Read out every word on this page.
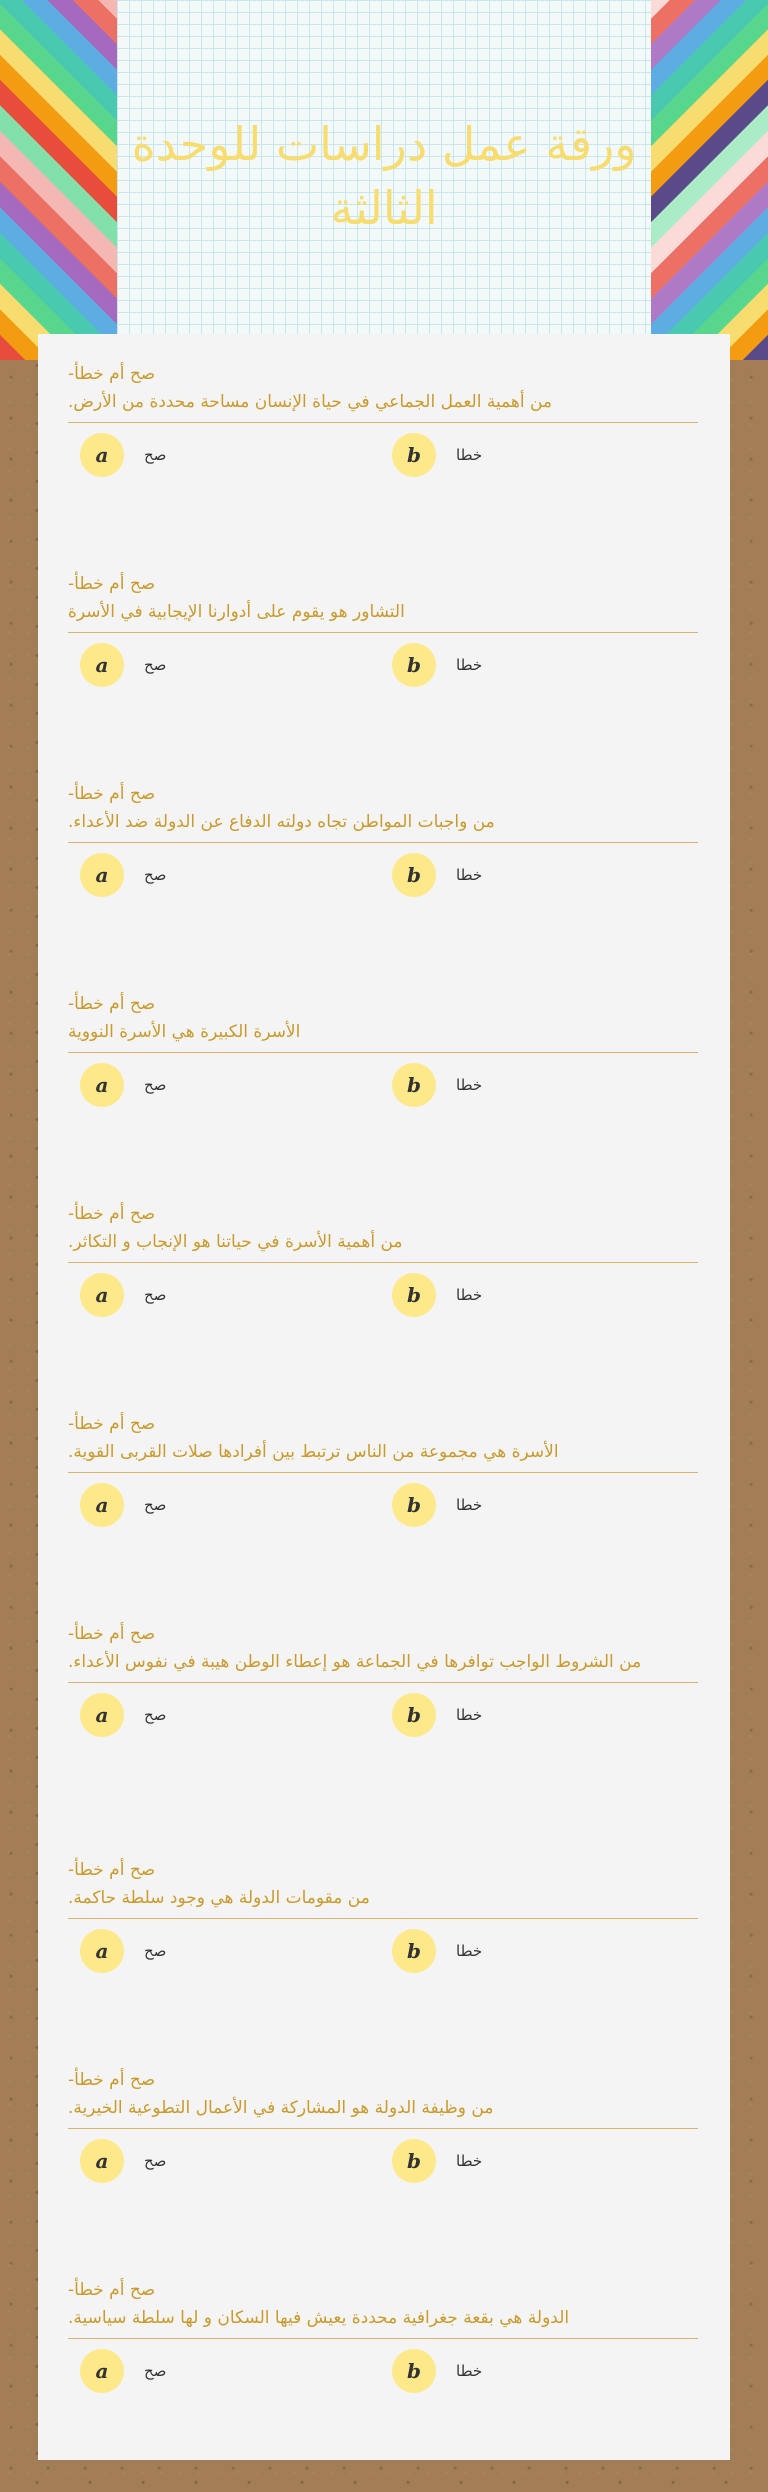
ورقة عمل دراسات للوحدة الثالثة
صح أم خطأ-
من أهمية العمل الجماعي في حياة الإنسان مساحة محددة من الأرض.
a	صح	b	خطا
صح أم خطأ-
التشاور هو يقوم على أدوارنا الإيجابية في الأسرة
a	صح	b	خطا
صح أم خطأ-
من واجبات المواطن تجاه دولته الدفاع عن الدولة ضد الأعداء.
a	صح	b	خطا
صح أم خطأ-
الأسرة الكبيرة هي الأسرة النووية
a	صح	b	خطا
صح أم خطأ-
من أهمية الأسرة في حياتنا هو الإنجاب و التكاثر.
a	صح	b	خطا
صح أم خطأ-
الأسرة هي مجموعة من الناس ترتبط بين أفرادها صلات القربى القوية.
a	صح	b	خطا
صح أم خطأ-
من الشروط الواجب توافرها في الجماعة هو إعطاء الوطن هيبة في نفوس الأعداء.
a	صح	b	خطا
صح أم خطأ-
من مقومات الدولة هي وجود سلطة حاكمة.
a	صح	b	خطا
صح أم خطأ-
من وظيفة الدولة هو المشاركة في الأعمال التطوعية الخيرية.
a	صح	b	خطا
صح أم خطأ-
الدولة هي بقعة جغرافية محددة يعيش فيها السكان و لها سلطة سياسية.
a	صح	b	خطا
